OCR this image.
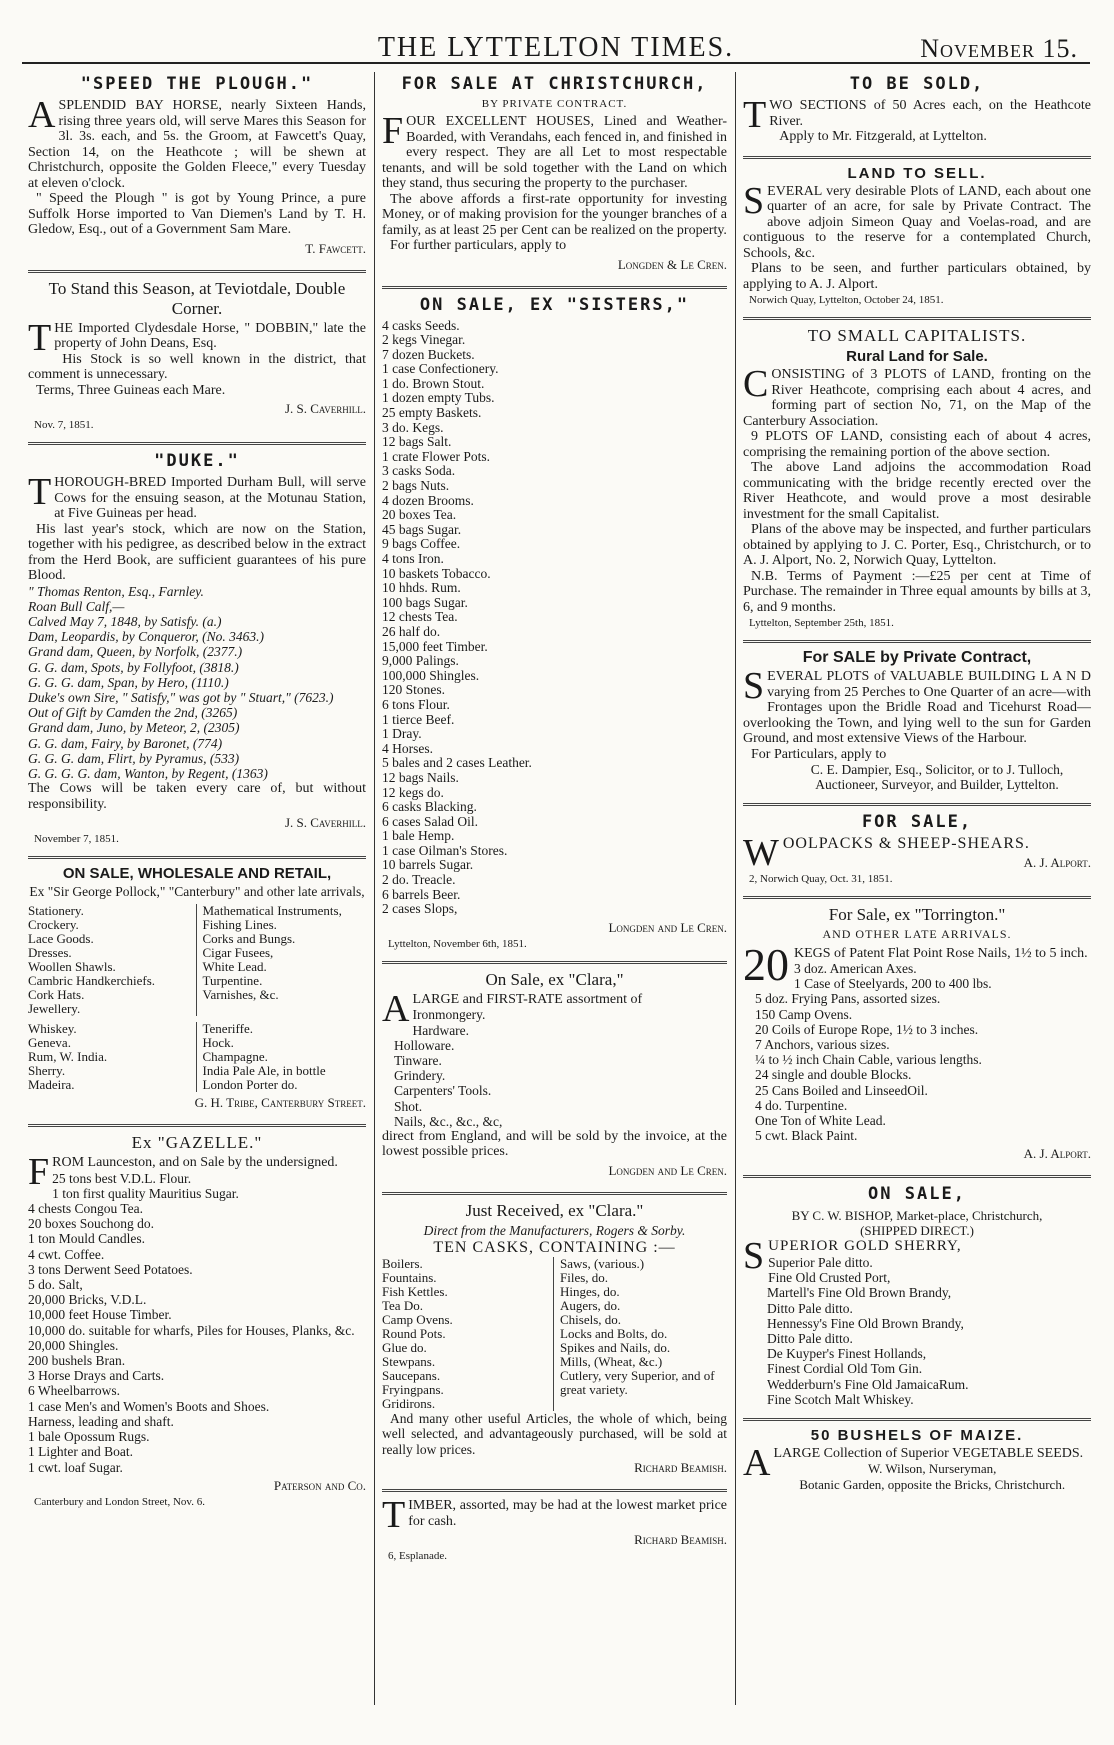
THE LYTTELTON TIMES.	November 15.
"SPEED THE PLOUGH."

ASPLENDID BAY HORSE, nearly Sixteen Hands, rising three years old, will serve Mares this Season for 3l. 3s. each, and 5s. the Groom, at Fawcett's Quay, Section 14, on the Heathcote ; will be shewn at Christchurch, opposite the Golden Fleece," every Tuesday at eleven o'clock.

" Speed the Plough " is got by Young Prince, a pure Suffolk Horse imported to Van Diemen's Land by T. H. Gledow, Esq., out of a Government Sam Mare.

T. Fawcett.
To Stand this Season, at Teviotdale, Double Corner.

THE Imported Clydesdale Horse, " DOBBIN," late the property of John Deans, Esq.

His Stock is so well known in the district, that comment is unnecessary.

Terms, Three Guineas each Mare.

J. S. Caverhill.
Nov. 7, 1851.
"DUKE."

THOROUGH-BRED Imported Durham Bull, will serve Cows for the ensuing season, at the Motunau Station, at Five Guineas per head.

His last year's stock, which are now on the Station, together with his pedigree, as described below in the extract from the Herd Book, are sufficient guarantees of his pure Blood.

" Thomas Renton, Esq., Farnley.
Roan Bull Calf,—
Calved May 7, 1848, by Satisfy. (a.)
Dam, Leopardis, by Conqueror, (No. 3463.)
Grand dam, Queen, by Norfolk, (2377.)
G. G. dam, Spots, by Follyfoot, (3818.)
G. G. G. dam, Span, by Hero, (1110.)
Duke's own Sire, " Satisfy," was got by " Stuart," (7623.)
Out of Gift by Camden the 2nd, (3265)
Grand dam, Juno, by Meteor, 2, (2305)
G. G. dam, Fairy, by Baronet, (774)
G. G. G. dam, Flirt, by Pyramus, (533)
G. G. G. G. dam, Wanton, by Regent, (1363)

The Cows will be taken every care of, but without responsibility.

J. S. Caverhill.
November 7, 1851.
ON SALE, WHOLESALE AND RETAIL,
Ex "Sir George Pollock," "Canterbury" and other late arrivals,
Stationery.
Crockery.
Lace Goods.
Dresses.
Woollen Shawls.
Cambric Handkerchiefs.
Cork Hats.
Jewellery.
Mathematical Instruments,
Fishing Lines.
Corks and Bungs.
Cigar Fusees,
White Lead.
Turpentine.
Varnishes, &c.
Whiskey.
Geneva.
Rum, W. India.
Sherry.
Madeira.
Teneriffe.
Hock.
Champagne.
India Pale Ale, in bottle
London Porter do.
G. H. Tribe, Canterbury Street.
Ex "GAZELLE."

FROM Launceston, and on Sale by the undersigned.

25 tons best V.D.L. Flour.
1 ton first quality Mauritius Sugar.
4 chests Congou Tea.
20 boxes Souchong do.
1 ton Mould Candles.
4 cwt. Coffee.
3 tons Derwent Seed Potatoes.
5 do. Salt,
20,000 Bricks, V.D.L.
10,000 feet House Timber.
10,000 do. suitable for wharfs, Piles for Houses, Planks, &c.
20,000 Shingles.
200 bushels Bran.
3 Horse Drays and Carts.
6 Wheelbarrows.
1 case Men's and Women's Boots and Shoes.
Harness, leading and shaft.
1 bale Opossum Rugs.
1 Lighter and Boat.
1 cwt. loaf Sugar.
Paterson and Co.
Canterbury and London Street, Nov. 6.
FOR SALE AT CHRISTCHURCH,
BY PRIVATE CONTRACT.

FOUR EXCELLENT HOUSES, Lined and Weather-Boarded, with Verandahs, each fenced in, and finished in every respect. They are all Let to most respectable tenants, and will be sold together with the Land on which they stand, thus securing the property to the purchaser.

The above affords a first-rate opportunity for investing Money, or of making provision for the younger branches of a family, as at least 25 per Cent can be realized on the property.

For further particulars, apply to

Longden & Le Cren.
ON SALE, EX "SISTERS,"
4 casks Seeds.
2 kegs Vinegar.
7 dozen Buckets.
1 case Confectionery.
1 do. Brown Stout.
1 dozen empty Tubs.
25 empty Baskets.
3 do. Kegs.
12 bags Salt.
1 crate Flower Pots.
3 casks Soda.
2 bags Nuts.
4 dozen Brooms.
20 boxes Tea.
45 bags Sugar.
9 bags Coffee.
4 tons Iron.
10 baskets Tobacco.
10 hhds. Rum.
100 bags Sugar.
12 chests Tea.
26 half do.
15,000 feet Timber.
9,000 Palings.
100,000 Shingles.
120 Stones.
6 tons Flour.
1 tierce Beef.
1 Dray.
4 Horses.
5 bales and 2 cases Leather.
12 bags Nails.
12 kegs do.
6 casks Blacking.
6 cases Salad Oil.
1 bale Hemp.
1 case Oilman's Stores.
10 barrels Sugar.
2 do. Treacle.
6 barrels Beer.
2 cases Slops,
Longden and Le Cren.
Lyttelton, November 6th, 1851.
On Sale, ex "Clara,"

ALARGE and FIRST-RATE assortment of

Ironmongery.
Hardware.
Holloware.
Tinware.
Grindery.
Carpenters' Tools.
Shot.
Nails, &c., &c., &c,

direct from England, and will be sold by the invoice, at the lowest possible prices.

Longden and Le Cren.
Just Received, ex "Clara."
Direct from the Manufacturers, Rogers & Sorby.
TEN CASKS, CONTAINING :—
Boilers.
Fountains.
Fish Kettles.
Tea Do.
Camp Ovens.
Round Pots.
Glue do.
Stewpans.
Saucepans.
Fryingpans.
Gridirons.
Saws, (various.)
Files, do.
Hinges, do.
Augers, do.
Chisels, do.
Locks and Bolts, do.
Spikes and Nails, do.
Mills, (Wheat, &c.)
Cutlery, very Superior, and of great variety.

And many other useful Articles, the whole of which, being well selected, and advantageously purchased, will be sold at really low prices.

Richard Beamish.

TIMBER, assorted, may be had at the lowest market price for cash.

Richard Beamish.
6, Esplanade.
TO BE SOLD,

TWO SECTIONS of 50 Acres each, on the Heathcote River.

Apply to Mr. Fitzgerald, at Lyttelton.

LAND TO SELL.

SEVERAL very desirable Plots of LAND, each about one quarter of an acre, for sale by Private Contract. The above adjoin Simeon Quay and Voelas-road, and are contiguous to the reserve for a contemplated Church, Schools, &c.

Plans to be seen, and further particulars obtained, by applying to A. J. Alport.

Norwich Quay, Lyttelton, October 24, 1851.
TO SMALL CAPITALISTS.
Rural Land for Sale.

CONSISTING of 3 PLOTS of LAND, fronting on the River Heathcote, comprising each about 4 acres, and forming part of section No, 71, on the Map of the Canterbury Association.

9 PLOTS OF LAND, consisting each of about 4 acres, comprising the remaining portion of the above section.

The above Land adjoins the accommodation Road communicating with the bridge recently erected over the River Heathcote, and would prove a most desirable investment for the small Capitalist.

Plans of the above may be inspected, and further particulars obtained by applying to J. C. Porter, Esq., Christchurch, or to A. J. Alport, No. 2, Norwich Quay, Lyttelton.

N.B. Terms of Payment :—£25 per cent at Time of Purchase. The remainder in Three equal amounts by bills at 3, 6, and 9 months.

Lyttelton, September 25th, 1851.
For SALE by Private Contract,

SEVERAL PLOTS of VALUABLE BUILDING L A N D varying from 25 Perches to One Quarter of an acre—with Frontages upon the Bridle Road and Ticehurst Road—overlooking the Town, and lying well to the sun for Garden Ground, and most extensive Views of the Harbour.

For Particulars, apply to

C. E. Dampier, Esq., Solicitor, or to J. Tulloch, Auctioneer, Surveyor, and Builder, Lyttelton.
FOR SALE,

WOOLPACKS & SHEEP-SHEARS.

A. J. Alport.
2, Norwich Quay, Oct. 31, 1851.
For Sale, ex "Torrington."
AND OTHER LATE ARRIVALS.

20 KEGS of Patent Flat Point Rose Nails, 1½ to 5 inch.

3 doz. American Axes.
1 Case of Steelyards, 200 to 400 lbs.
5 doz. Frying Pans, assorted sizes.
150 Camp Ovens.
20 Coils of Europe Rope, 1½ to 3 inches.
7 Anchors, various sizes.
¼ to ½ inch Chain Cable, various lengths.
24 single and double Blocks.
25 Cans Boiled and LinseedOil.
4 do. Turpentine.
One Ton of White Lead.
5 cwt. Black Paint.
A. J. Alport.
ON SALE,
BY C. W. BISHOP, Market-place, Christchurch,
(SHIPPED DIRECT.)

SUPERIOR GOLD SHERRY,

Superior Pale ditto.
Fine Old Crusted Port,
Martell's Fine Old Brown Brandy,
Ditto Pale ditto.
Hennessy's Fine Old Brown Brandy,
Ditto Pale ditto.
De Kuyper's Finest Hollands,
Finest Cordial Old Tom Gin.
Wedderburn's Fine Old JamaicaRum.
Fine Scotch Malt Whiskey.
50 BUSHELS OF MAIZE.

ALARGE Collection of Superior VEGETABLE SEEDS.

W. Wilson, Nurseryman,
Botanic Garden, opposite the Bricks, Christchurch.
